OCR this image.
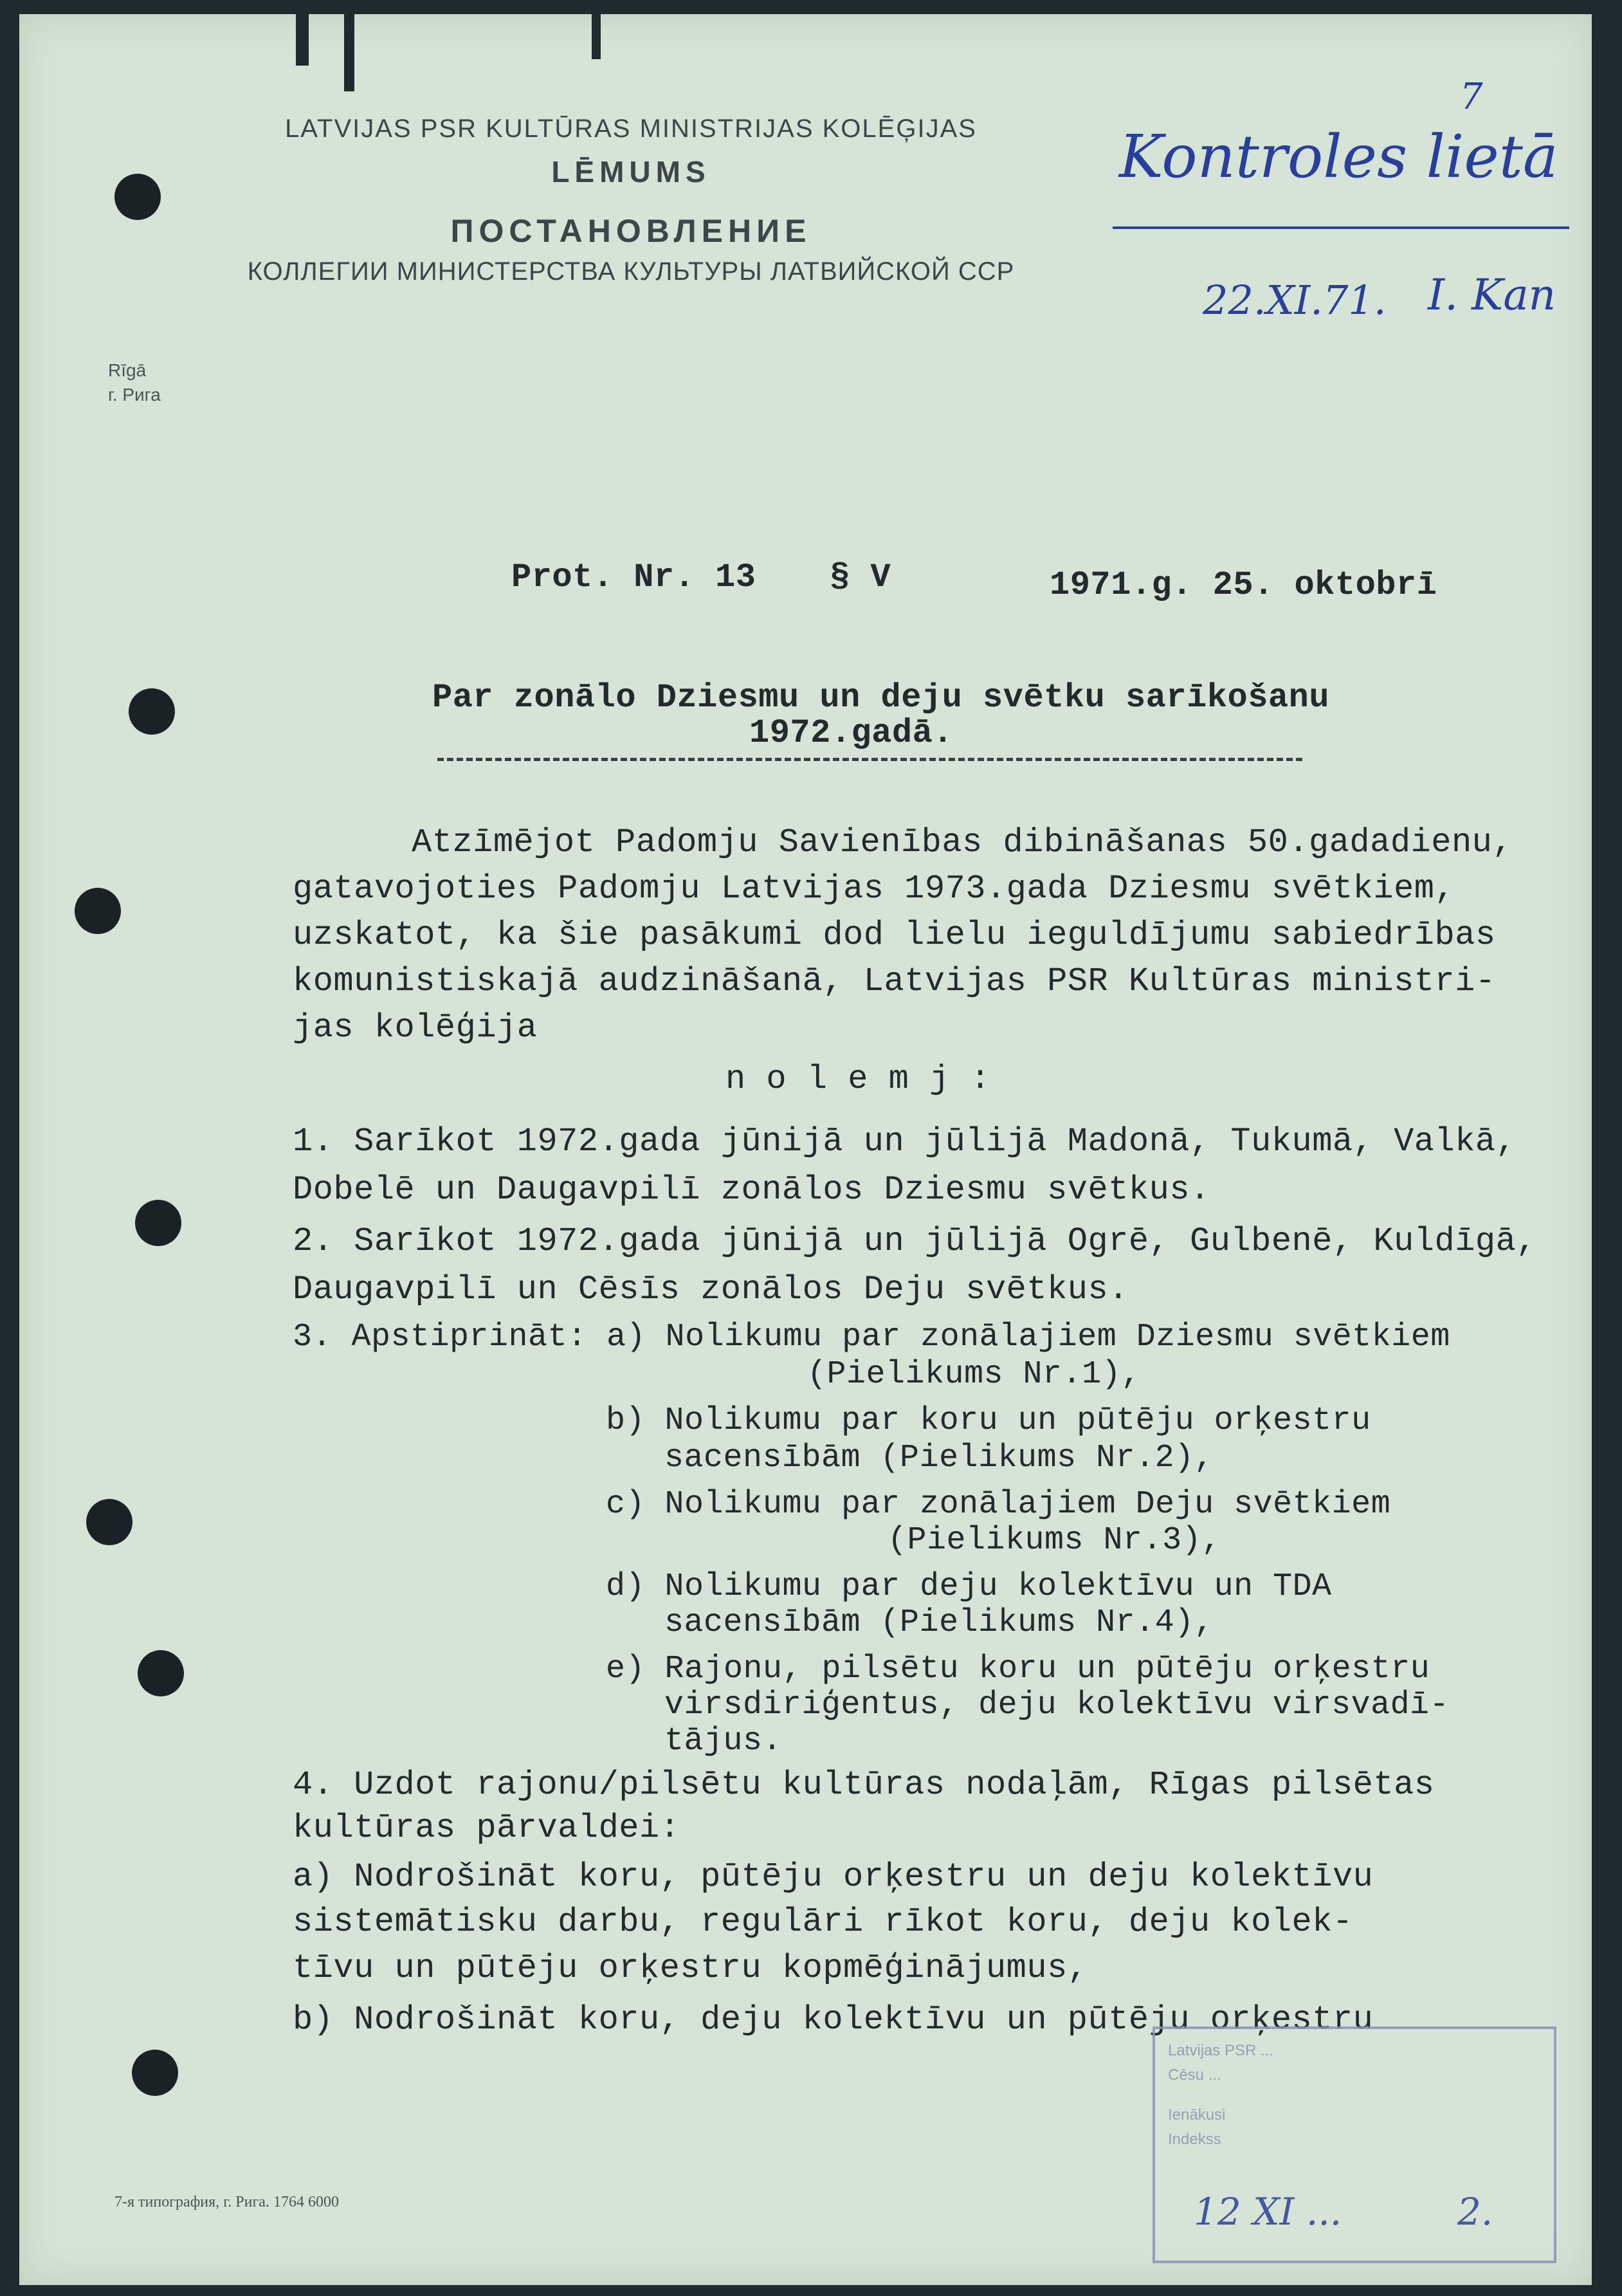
LATVIJAS PSR KULTŪRAS MINISTRIJAS KOLĒĢIJAS
LĒMUMS
ПОСТАНОВЛЕНИЕ
КОЛЛЕГИИ МИНИСТЕРСТВА КУЛЬТУРЫ ЛАТВИЙСКОЙ ССР
Rīgā
г. Рига
Kontroles lietā
7
22.XI.71. I. Kan
Prot. Nr. 13 § V	1971.g. 25. oktobrī
Par zonālo Dziesmu un deju svētku sarīkošanu
1972.gadā.
Atzīmējot Padomju Savienības dibināšanas 50.gadadienu,
gatavojoties Padomju Latvijas 1973.gada Dziesmu svētkiem,
uzskatot, ka šie pasākumi dod lielu ieguldījumu sabiedrības
komunistiskajā audzināšanā, Latvijas PSR Kultūras ministri-
jas kolēģija
n o l e m j :
1. Sarīkot 1972.gada jūnijā un jūlijā Madonā, Tukumā, Valkā,
Dobelē un Daugavpilī zonālos Dziesmu svētkus.
2. Sarīkot 1972.gada jūnijā un jūlijā Ogrē, Gulbenē, Kuldīgā,
Daugavpilī un Cēsīs zonālos Deju svētkus.
3. Apstiprināt: a) Nolikumu par zonālajiem Dziesmu svētkiem
(Pielikums Nr.1),
b) Nolikumu par koru un pūtēju orķestru
sacensībām (Pielikums Nr.2),
c) Nolikumu par zonālajiem Deju svētkiem
(Pielikums Nr.3),
d) Nolikumu par deju kolektīvu un TDA
sacensībām (Pielikums Nr.4),
e) Rajonu, pilsētu koru un pūtēju orķestru
virsdiriģentus, deju kolektīvu virsvadī-
tājus.
4. Uzdot rajonu/pilsētu kultūras nodaļām, Rīgas pilsētas
kultūras pārvaldei:
a) Nodrošināt koru, pūtēju orķestru un deju kolektīvu
sistemātisku darbu, regulāri rīkot koru, deju kolek-
tīvu un pūtēju orķestru kopmēģinājumus,
b) Nodrošināt koru, deju kolektīvu un pūtēju orķestru
Latvijas PSR ...
Cēsu ...
Ienākusi
Indekss
12 XI ...	2.
7-я типография, г. Рига. 1764 6000
